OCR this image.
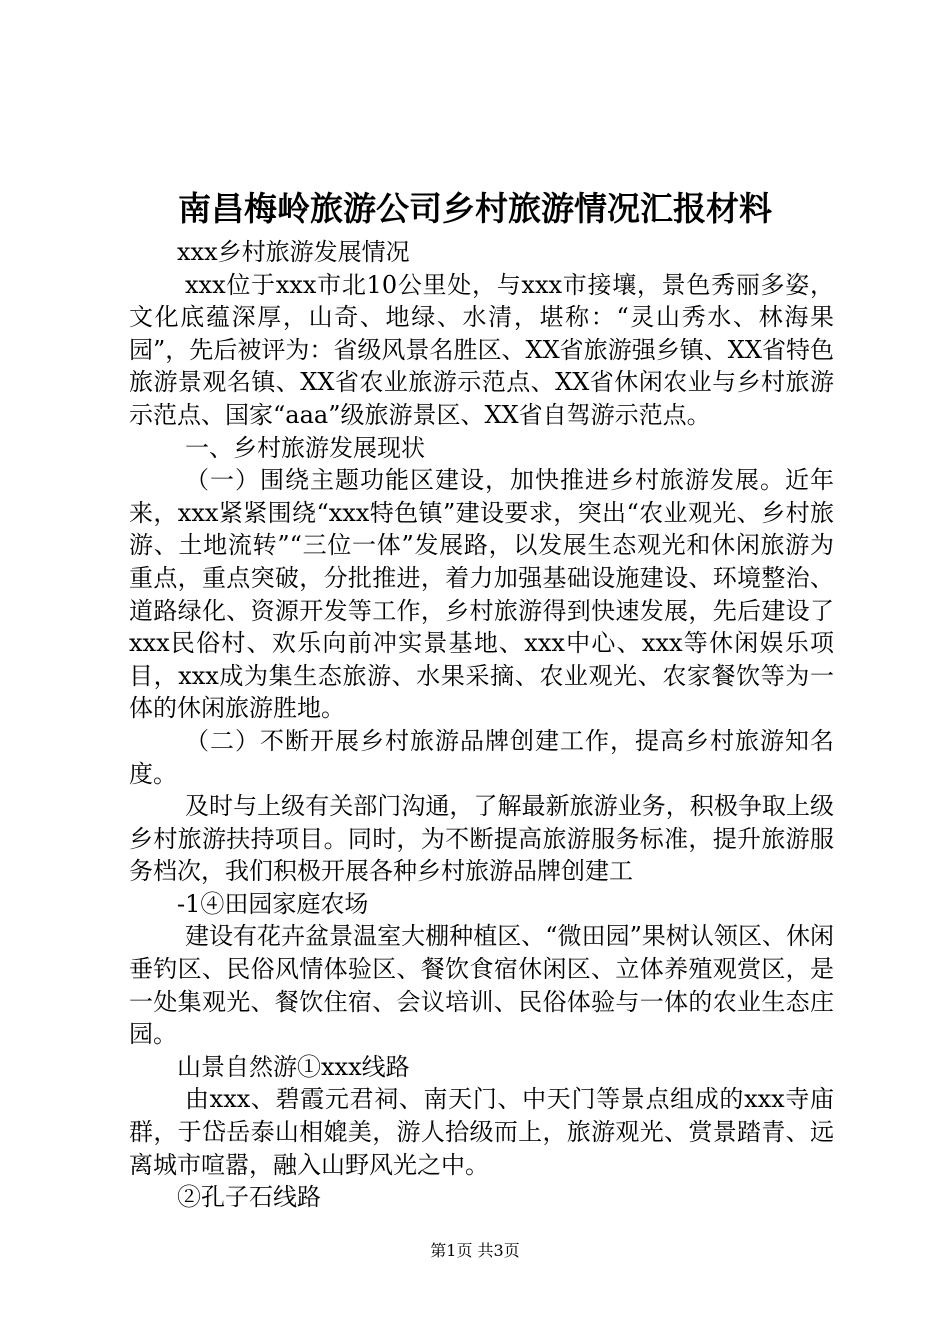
南昌梅岭旅游公司乡村旅游情况汇报材料

xxx乡村旅游发展情况

xxx位于xxx市北10公里处，与xxx市接壤，景色秀丽多姿，文化底蕴深厚，山奇、地绿、水清，堪称：“灵山秀水、林海果园”，先后被评为：省级风景名胜区、XX省旅游强乡镇、XX省特色旅游景观名镇、XX省农业旅游示范点、XX省休闲农业与乡村旅游示范点、国家“aaa”级旅游景区、XX省自驾游示范点。

一、乡村旅游发展现状

（一）围绕主题功能区建设，加快推进乡村旅游发展。近年来，xxx紧紧围绕“xxx特色镇”建设要求，突出“农业观光、乡村旅游、土地流转”“三位一体”发展路，以发展生态观光和休闲旅游为重点，重点突破，分批推进，着力加强基础设施建设、环境整治、道路绿化、资源开发等工作，乡村旅游得到快速发展，先后建设了xxx民俗村、欢乐向前冲实景基地、xxx中心、xxx等休闲娱乐项目，xxx成为集生态旅游、水果采摘、农业观光、农家餐饮等为一体的休闲旅游胜地。

（二）不断开展乡村旅游品牌创建工作，提高乡村旅游知名度。

及时与上级有关部门沟通，了解最新旅游业务，积极争取上级乡村旅游扶持项目。同时，为不断提高旅游服务标准，提升旅游服务档次，我们积极开展各种乡村旅游品牌创建工

-1④田园家庭农场

建设有花卉盆景温室大棚种植区、“微田园”果树认领区、休闲垂钓区、民俗风情体验区、餐饮食宿休闲区、立体养殖观赏区，是一处集观光、餐饮住宿、会议培训、民俗体验与一体的农业生态庄园。

山景自然游①xxx线路

由xxx、碧霞元君祠、南天门、中天门等景点组成的xxx寺庙群，于岱岳泰山相媲美，游人拾级而上，旅游观光、赏景踏青、远离城市喧嚣，融入山野风光之中。

②孔子石线路

第1页 共3页
